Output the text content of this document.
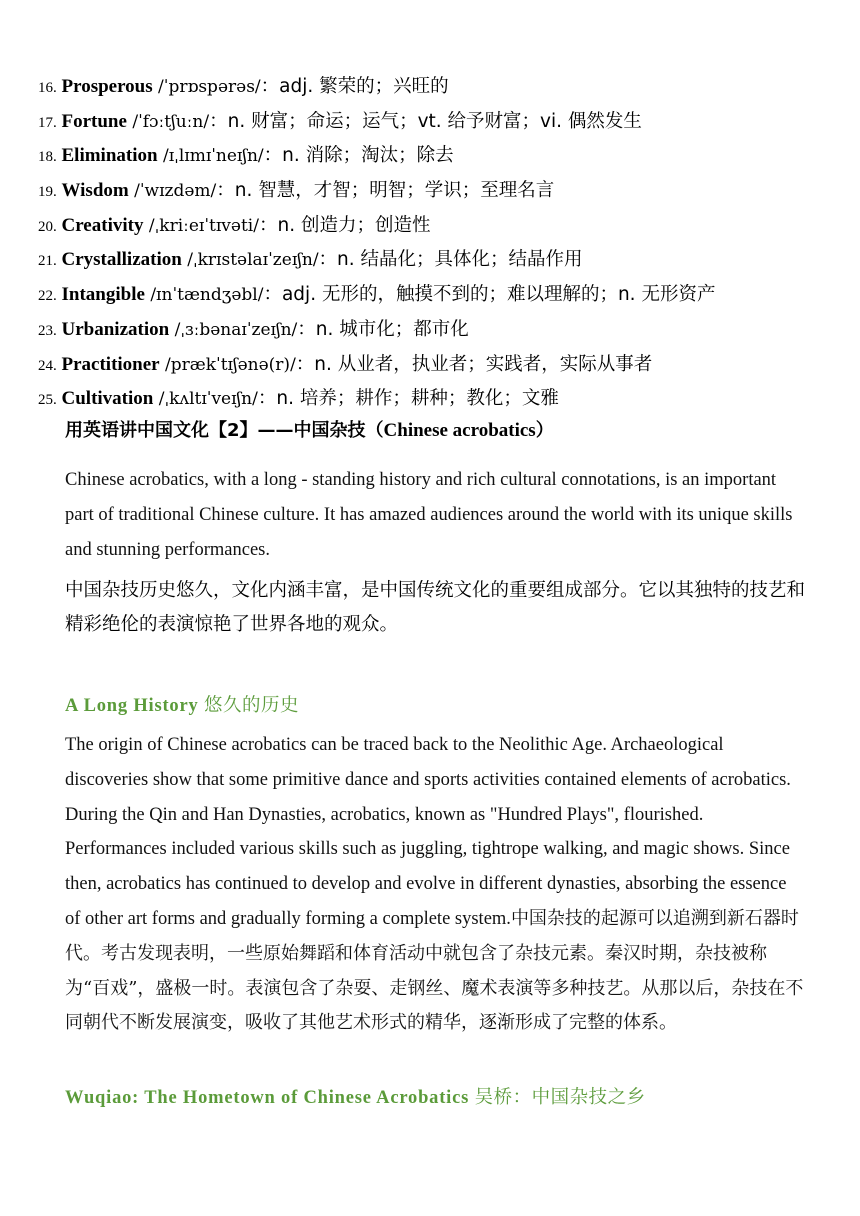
16. Prosperous /ˈprɒspərəs/：adj. 繁荣的；兴旺的
17. Fortune /ˈfɔːtʃuːn/：n. 财富；命运；运气；vt. 给予财富；vi. 偶然发生
18. Elimination /ɪˌlɪmɪˈneɪʃn/：n. 消除；淘汰；除去
19. Wisdom /ˈwɪzdəm/：n. 智慧，才智；明智；学识；至理名言
20. Creativity /ˌkriːeɪˈtɪvəti/：n. 创造力；创造性
21. Crystallization /ˌkrɪstəlaɪˈzeɪʃn/：n. 结晶化；具体化；结晶作用
22. Intangible /ɪnˈtændʒəbl/：adj. 无形的，触摸不到的；难以理解的；n. 无形资产
23. Urbanization /ˌɜːbənaɪˈzeɪʃn/：n. 城市化；都市化
24. Practitioner /prækˈtɪʃənə(r)/：n. 从业者，执业者；实践者，实际从事者
25. Cultivation /ˌkʌltɪˈveɪʃn/：n. 培养；耕作；耕种；教化；文雅
用英语讲中国文化【2】——中国杂技（Chinese acrobatics）

Chinese acrobatics, with a long - standing history and rich cultural connotations, is an important part of traditional Chinese culture. It has amazed audiences around the world with its unique skills and stunning performances.

中国杂技历史悠久，文化内涵丰富，是中国传统文化的重要组成部分。它以其独特的技艺和精彩绝伦的表演惊艳了世界各地的观众。

A Long History 悠久的历史

The origin of Chinese acrobatics can be traced back to the Neolithic Age. Archaeological discoveries show that some primitive dance and sports activities contained elements of acrobatics. During the Qin and Han Dynasties, acrobatics, known as "Hundred Plays", flourished. Performances included various skills such as juggling, tightrope walking, and magic shows. Since then, acrobatics has continued to develop and evolve in different dynasties, absorbing the essence of other art forms and gradually forming a complete system.中国杂技的起源可以追溯到新石器时代。考古发现表明，一些原始舞蹈和体育活动中就包含了杂技元素。秦汉时期，杂技被称为“百戏”，盛极一时。表演包含了杂耍、走钢丝、魔术表演等多种技艺。从那以后，杂技在不同朝代不断发展演变，吸收了其他艺术形式的精华，逐渐形成了完整的体系。

Wuqiao: The Hometown of Chinese Acrobatics 吴桥：中国杂技之乡
